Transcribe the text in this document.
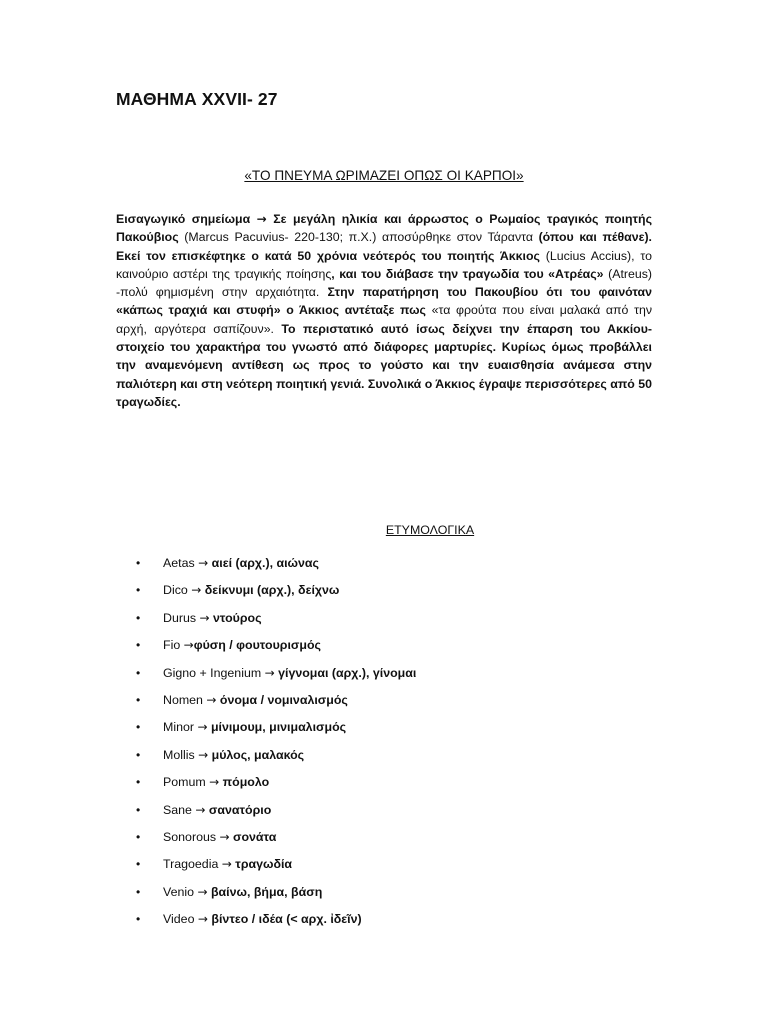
ΜΑΘΗΜΑ XXVII- 27
«ΤΟ ΠΝΕΥΜΑ ΩΡΙΜΑΖΕΙ ΟΠΩΣ ΟΙ ΚΑΡΠΟΙ»
Εισαγωγικό σημείωμα → Σε μεγάλη ηλικία και άρρωστος ο Ρωμαίος τραγικός ποιητής Πακούβιος (Marcus Pacuvius- 220-130; π.Χ.) αποσύρθηκε στον Τάραντα (όπου και πέθανε). Εκεί τον επισκέφτηκε ο κατά 50 χρόνια νεότερός του ποιητής Άκκιος (Lucius Accius), το καινούριο αστέρι της τραγικής ποίησης, και του διάβασε την τραγωδία του «Ατρέας» (Atreus) -πολύ φημισμένη στην αρχαιότητα. Στην παρατήρηση του Πακουβίου ότι του φαινόταν «κάπως τραχιά και στυφή» ο Άκκιος αντέταξε πως «τα φρούτα που είναι μαλακά από την αρχή, αργότερα σαπίζουν». Το περιστατικό αυτό ίσως δείχνει την έπαρση του Ακκίου- στοιχείο του χαρακτήρα του γνωστό από διάφορες μαρτυρίες. Κυρίως όμως προβάλλει την αναμενόμενη αντίθεση ως προς το γούστο και την ευαισθησία ανάμεσα στην παλιότερη και στη νεότερη ποιητική γενιά. Συνολικά ο Άκκιος έγραψε περισσότερες από 50 τραγωδίες.
ΕΤΥΜΟΛΟΓΙΚΑ
• Aetas → αιεί (αρχ.), αιώνας
• Dico → δείκνυμι (αρχ.), δείχνω
• Durus → ντούρος
• Fio →φύση / φουτουρισμός
• Gigno + Ingenium → γίγνομαι (αρχ.), γίνομαι
• Nomen → όνομα / νομιναλισμός
• Minor → μίνιμουμ, μινιμαλισμός
• Mollis → μύλος, μαλακός
• Pomum → πόμολο
• Sane → σανατόριο
• Sonorous → σονάτα
• Tragoedia → τραγωδία
• Venio → βαίνω, βήμα, βάση
• Video → βίντεο / ιδέα (< αρχ. ἰδεῖν)
